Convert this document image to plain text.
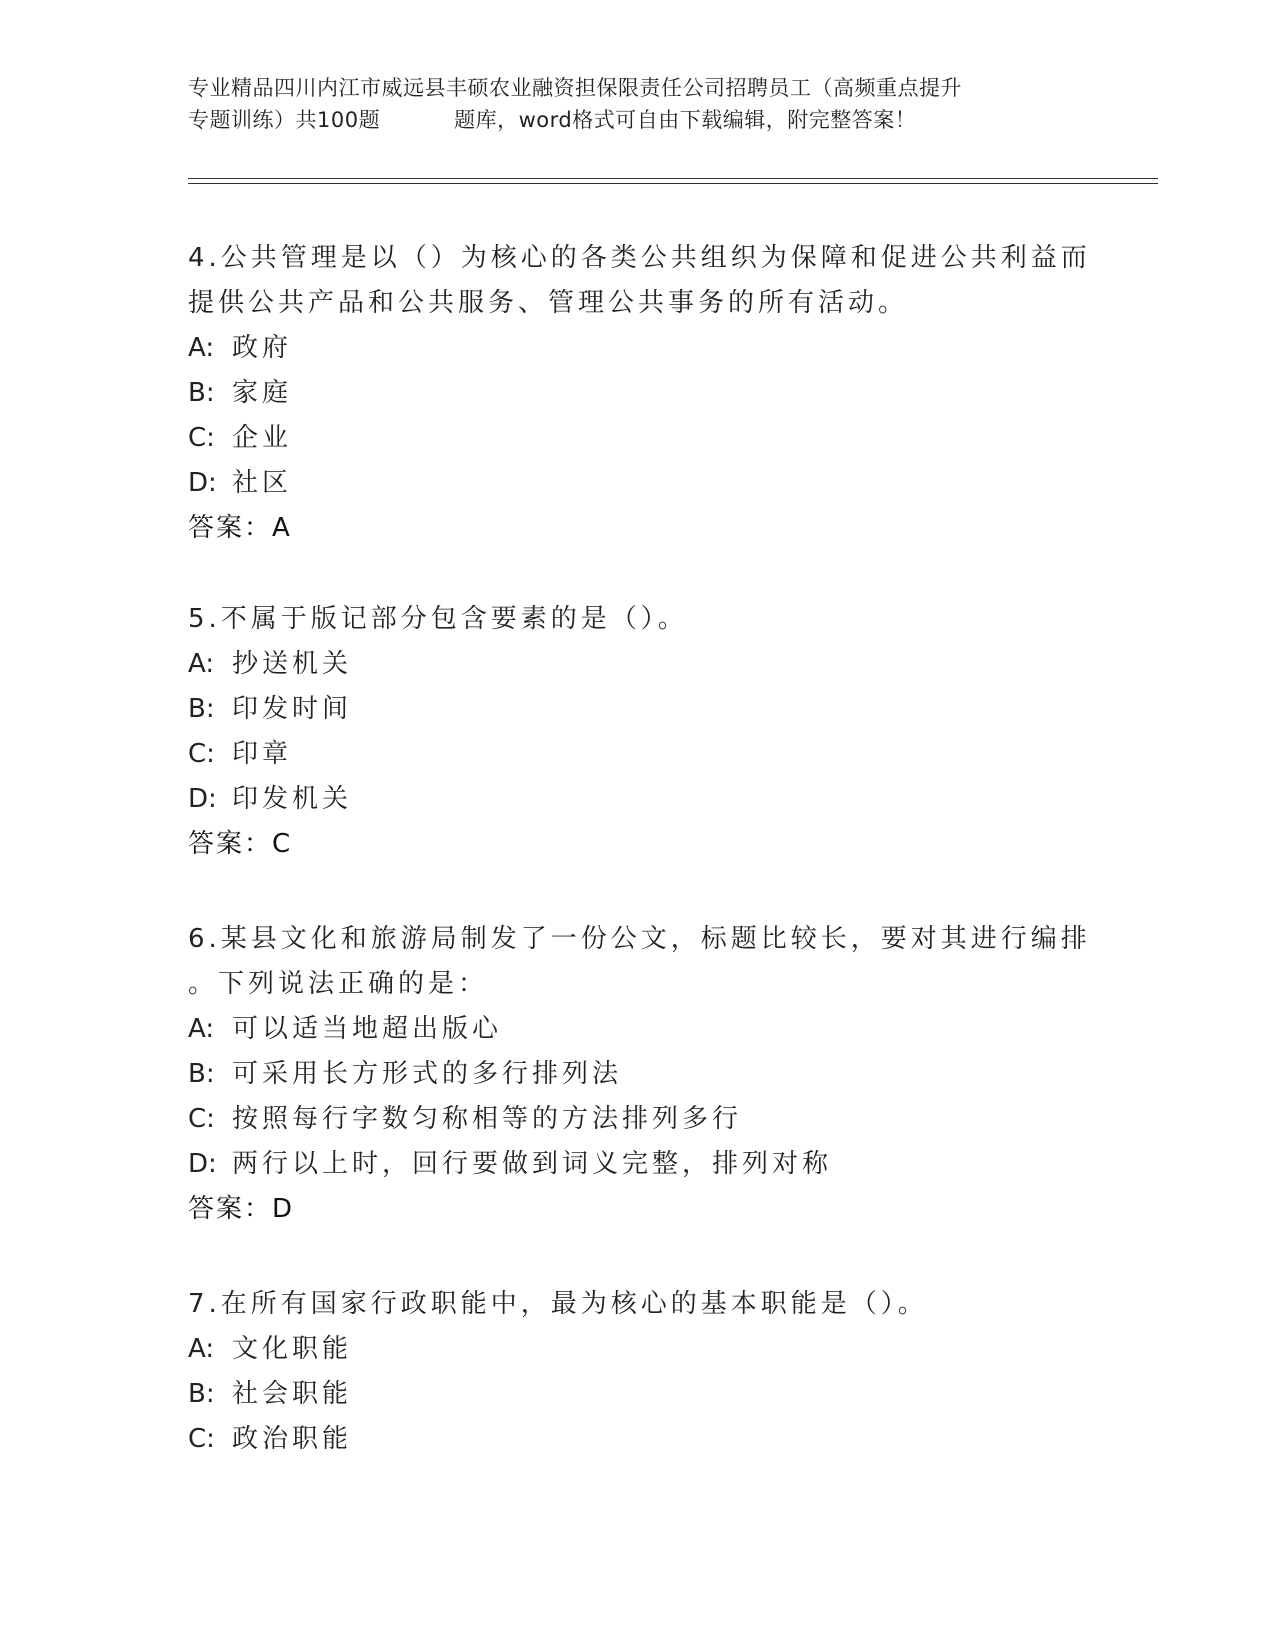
专业精品四川内江市威远县丰硕农业融资担保限责任公司招聘员工（高频重点提升
专题训练）共100题	题库，word格式可自由下载编辑，附完整答案！
4.公共管理是以（）为核心的各类公共组织为保障和促进公共利益而
提供公共产品和公共服务、管理公共事务的所有活动。
A: 政府
B: 家庭
C: 企业
D: 社区
答案：A
5.不属于版记部分包含要素的是（）。
A: 抄送机关
B: 印发时间
C: 印章
D: 印发机关
答案：C
6.某县文化和旅游局制发了一份公文，标题比较长，要对其进行编排
。下列说法正确的是：
A: 可以适当地超出版心
B: 可采用长方形式的多行排列法
C: 按照每行字数匀称相等的方法排列多行
D: 两行以上时，回行要做到词义完整，排列对称
答案：D
7.在所有国家行政职能中，最为核心的基本职能是（）。
A: 文化职能
B: 社会职能
C: 政治职能
